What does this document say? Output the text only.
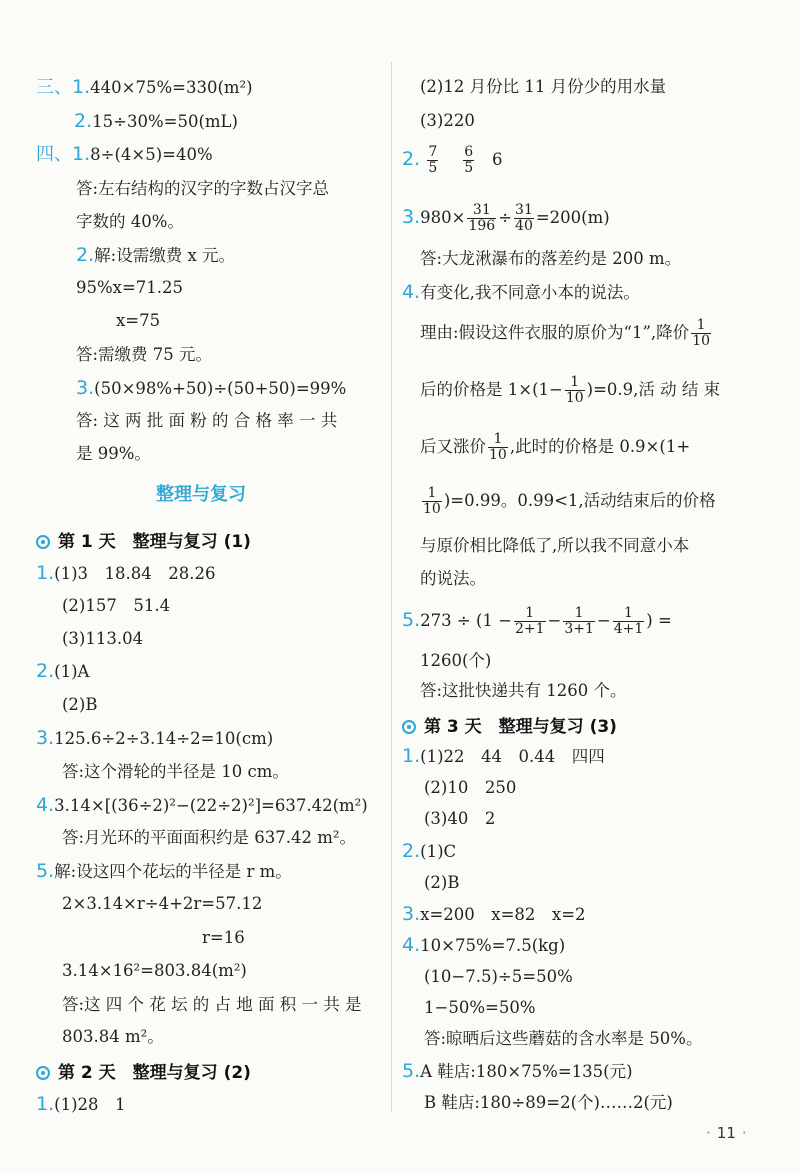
三、1.440×75%=330(m²)
2.15÷30%=50(mL)
四、1.8÷(4×5)=40%
答:左右结构的汉字的字数占汉字总
字数的 40%。
2.解:设需缴费 x 元。
95%x=71.25
x=75
答:需缴费 75 元。
3.(50×98%+50)÷(50+50)=99%
答: 这 两 批 面 粉 的 合 格 率 一 共
是 99%。
整理与复习
第 1 天　整理与复习 (1)
1.(1)3　18.84　28.26
(2)157　51.4
(3)113.04
2.(1)A
(2)B
3.125.6÷2÷3.14÷2=10(cm)
答:这个滑轮的半径是 10 cm。
4.3.14×[(36÷2)²−(22÷2)²]=637.42(m²)
答:月光环的平面面积约是 637.42 m²。
5.解:设这四个花坛的半径是 r m。
2×3.14×r÷4+2r=57.12
r=16
3.14×16²=803.84(m²)
答:这 四 个 花 坛 的 占 地 面 积 一 共 是
803.84 m²。
第 2 天　整理与复习 (2)
1.(1)28　1
(2)12 月份比 11 月份少的用水量
(3)220
2. $\frac{7}{5}$
$\frac{6}{5} 6$
$3.980\times \frac{31}{196} \div \frac{31}{40} =200(m)$
答:大龙湫瀑布的落差约是 200 m。
4.有变化,我不同意小本的说法。
理由:假设这件衣服的原价为“1”,降价 $\frac{1}{10}$
后的价格是 $1\times(1- \frac{1}{10} )=0.9$,活 动 结 束
后又涨价 $\frac{1}{10}$ ,此时的价格是 0.9×(1+
$\frac{1}{10} )=0.99$。0.99<1,活动结束后的价格
与原价相比降低了,所以我不同意小本
的说法。
$5.273 \div (1 - \frac{1}{2+1} - \frac{1}{3+1} - \frac{1}{4+1}$ ) =
1260(个)
答:这批快递共有 1260 个。
第 3 天　整理与复习 (3)
1.(1)22　44　0.44　四四
(2)10　250
(3)40　2
2.(1)C
(2)B
3.x=200　x=82　x=2
4.10×75%=7.5(kg)
(10−7.5)÷5=50%
1−50%=50%
答:晾晒后这些蘑菇的含水率是 50%。
5.A 鞋店:180×75%=135(元)
B 鞋店:180÷89=2(个)……2(元)
· 11 ·
